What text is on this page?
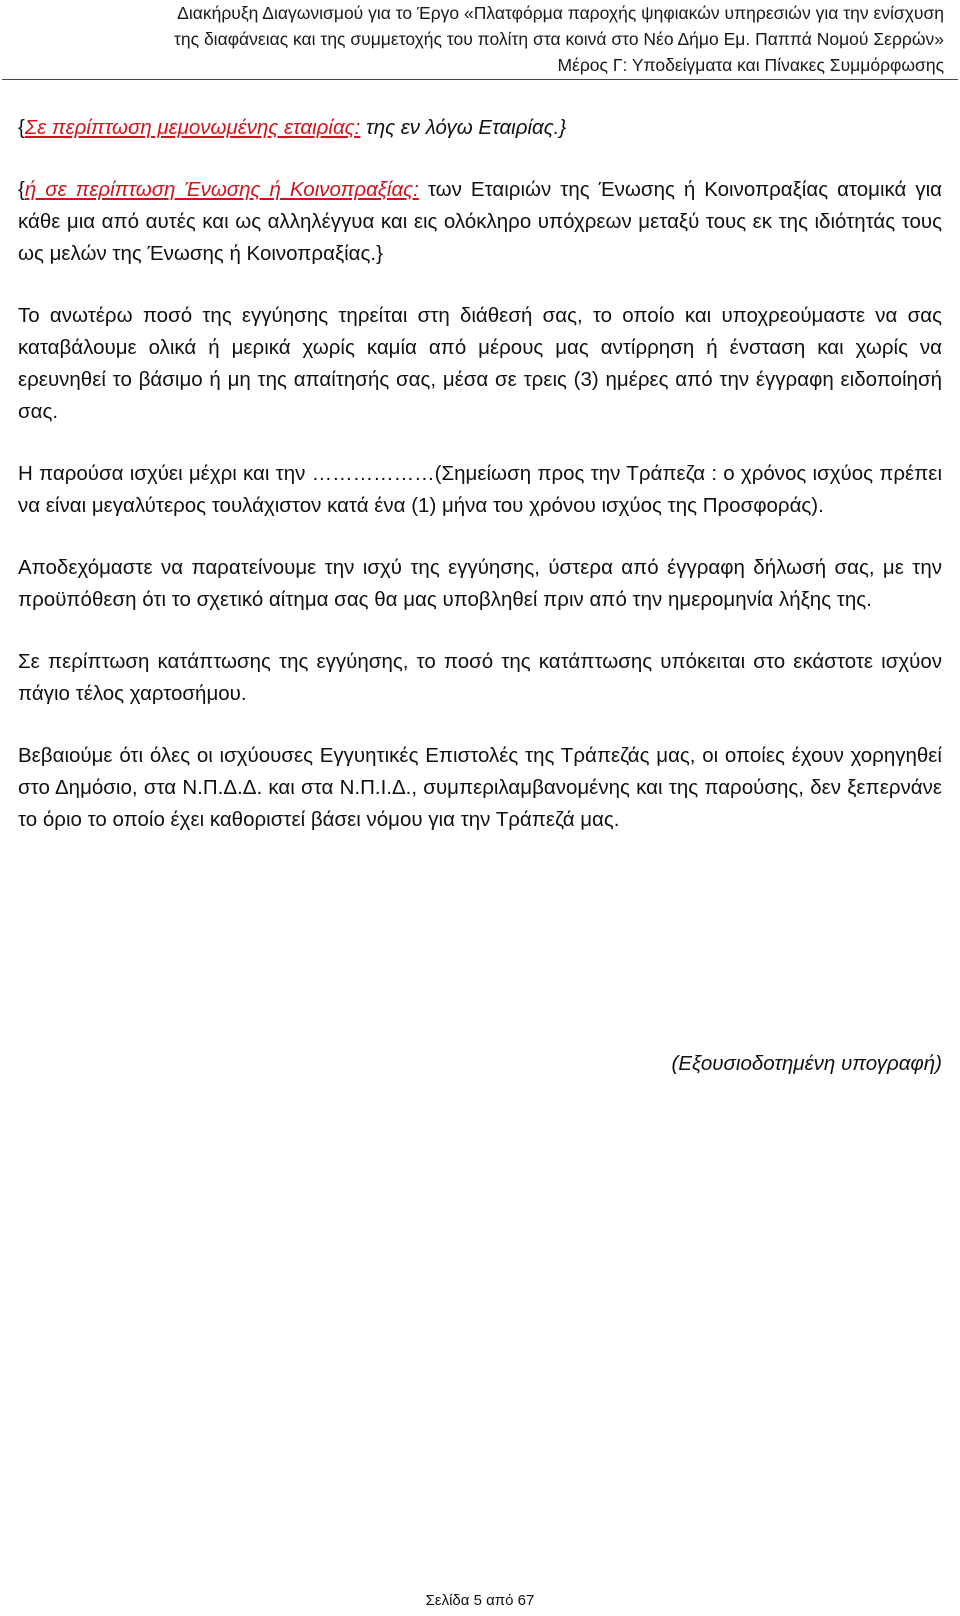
Διακήρυξη Διαγωνισμού για το Έργο «Πλατφόρμα παροχής ψηφιακών υπηρεσιών για την ενίσχυση
της διαφάνειας και της συμμετοχής του πολίτη στα κοινά στο Νέο Δήμο Εμ. Παππά Νομού Σερρών»
Μέρος Γ: Υποδείγματα και Πίνακες Συμμόρφωσης

{Σε περίπτωση μεμονωμένης εταιρίας: της εν λόγω Εταιρίας.}

{ή σε περίπτωση Ένωσης ή Κοινοπραξίας: των Εταιριών της Ένωσης ή Κοινοπραξίας ατομικά για κάθε μια από αυτές και ως αλληλέγγυα και εις ολόκληρο υπόχρεων μεταξύ τους εκ της ιδιότητάς τους ως μελών της Ένωσης ή Κοινοπραξίας.}

Το ανωτέρω ποσό της εγγύησης τηρείται στη διάθεσή σας, το οποίο και υποχρεούμαστε να σας καταβάλουμε ολικά ή μερικά χωρίς καμία από μέρους μας αντίρρηση ή ένσταση και χωρίς να ερευνηθεί το βάσιμο ή μη της απαίτησής σας, μέσα σε τρεις (3) ημέρες από την έγγραφη ειδοποίησή σας.

Η παρούσα ισχύει μέχρι και την ………………(Σημείωση προς την Τράπεζα : ο χρόνος ισχύος πρέπει να είναι μεγαλύτερος τουλάχιστον κατά ένα (1) μήνα του χρόνου ισχύος της Προσφοράς).

Αποδεχόμαστε να παρατείνουμε την ισχύ της εγγύησης, ύστερα από έγγραφη δήλωσή σας, με την προϋπόθεση ότι το σχετικό αίτημα σας θα μας υποβληθεί πριν από την ημερομηνία λήξης της.

Σε περίπτωση κατάπτωσης της εγγύησης, το ποσό της κατάπτωσης υπόκειται στο εκάστοτε ισχύον πάγιο τέλος χαρτοσήμου.

Βεβαιούμε ότι όλες οι ισχύουσες Εγγυητικές Επιστολές της Τράπεζάς μας, οι οποίες έχουν χορηγηθεί στο Δημόσιο, στα Ν.Π.Δ.Δ. και στα Ν.Π.Ι.Δ., συμπεριλαμβανομένης και της παρούσης, δεν ξεπερνάνε το όριο το οποίο έχει καθοριστεί βάσει νόμου για την Τράπεζά μας.

(Εξουσιοδοτημένη υπογραφή)
Σελίδα 5 από 67
